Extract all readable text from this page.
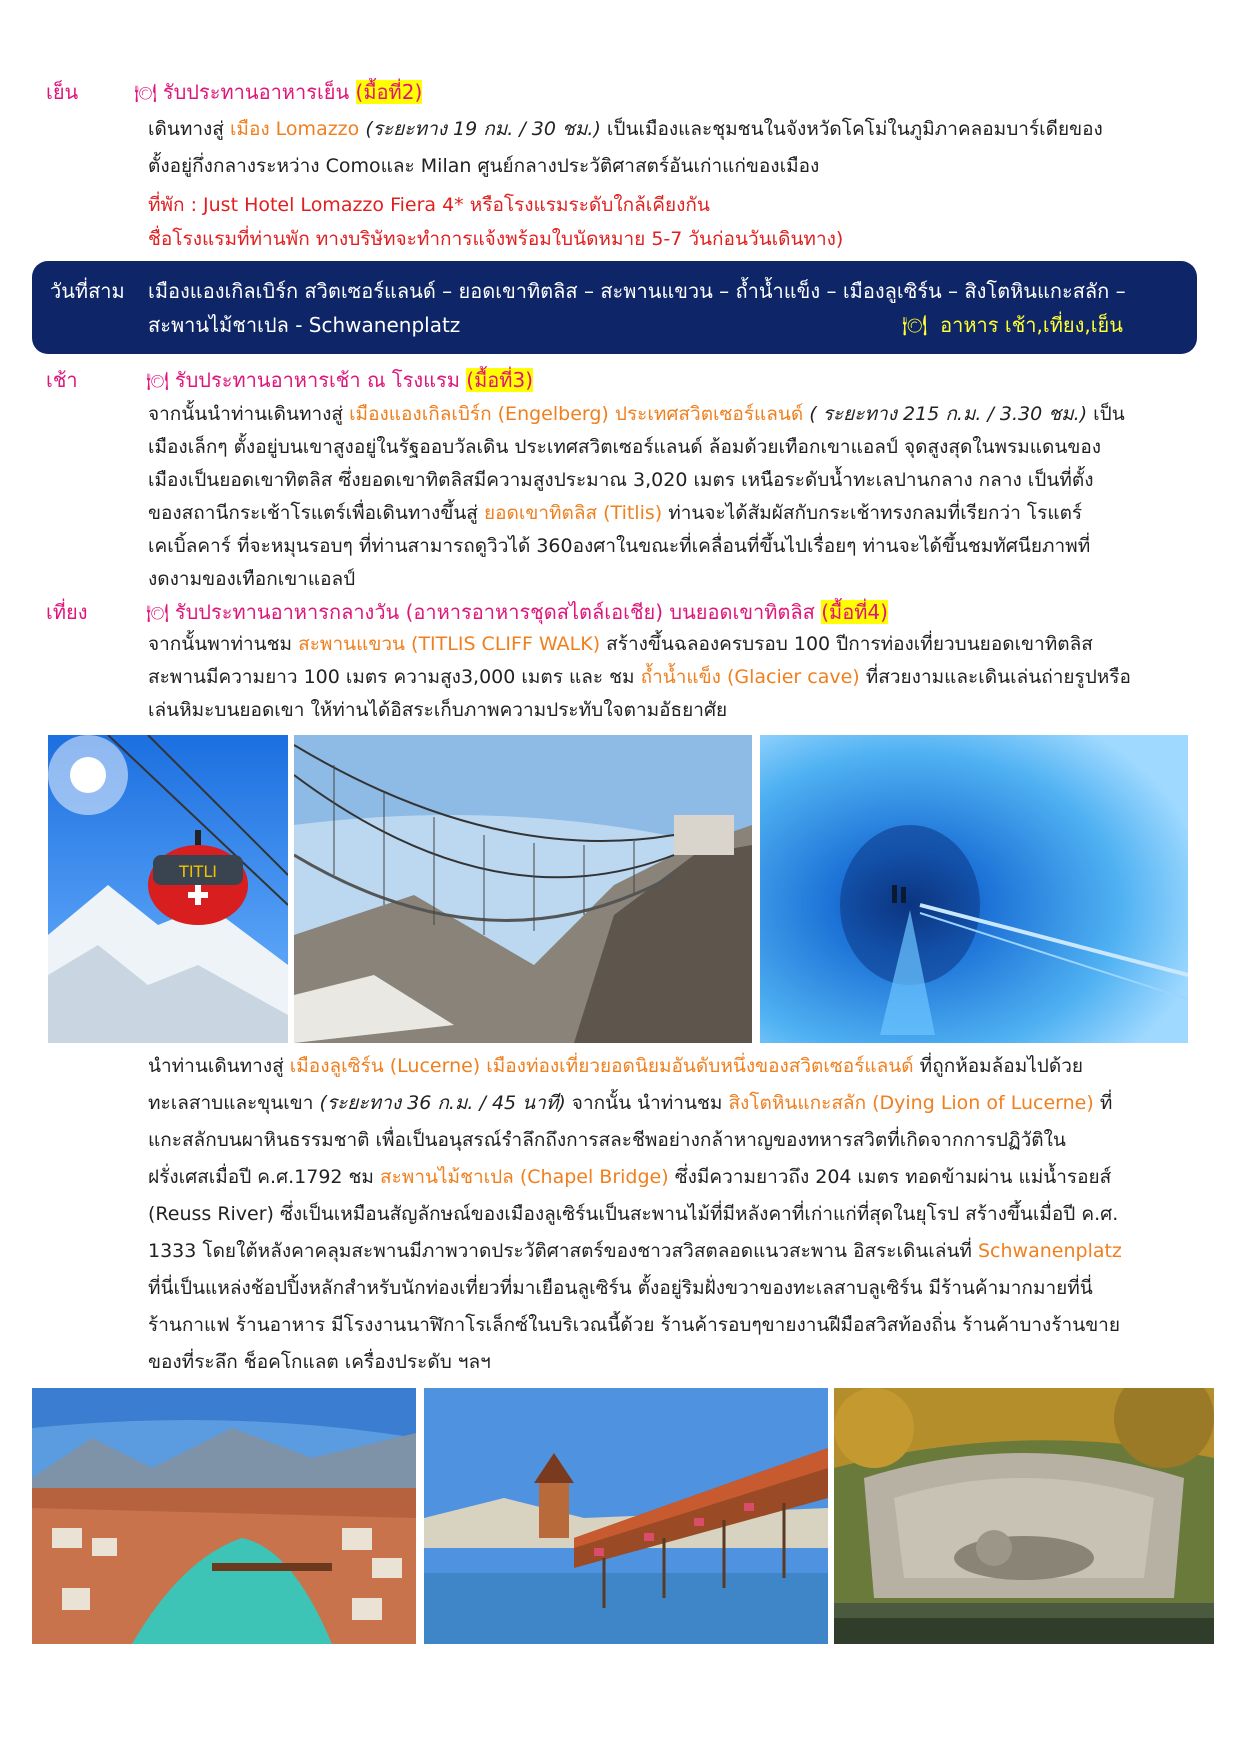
เย็น	🍽 รับประทานอาหารเย็น (มื้อที่2)
เดินทางสู่ เมือง Lomazzo (ระยะทาง 19 กม. / 30 ชม.) เป็นเมืองและชุมชนในจังหวัดโคโม่ในภูมิภาคลอมบาร์เดียของ
ตั้งอยู่กึ่งกลางระหว่าง Comoและ Milan ศูนย์กลางประวัติศาสตร์อันเก่าแก่ของเมือง
ที่พัก : Just Hotel Lomazzo Fiera 4* หรือโรงแรมระดับใกล้เคียงกัน
ชื่อโรงแรมที่ท่านพัก ทางบริษัทจะทำการแจ้งพร้อมใบนัดหมาย 5-7 วันก่อนวันเดินทาง)
วันที่สาม เมืองแองเกิลเบิร์ก สวิตเซอร์แลนด์ – ยอดเขาทิตลิส – สะพานแขวน – ถ้ำน้ำแข็ง – เมืองลูเซิร์น – สิงโตหินแกะสลัก –
สะพานไม้ชาเปล - Schwanenplatz	🍽 อาหาร เช้า,เที่ยง,เย็น
เช้า	🍽 รับประทานอาหารเช้า ณ โรงแรม (มื้อที่3)
จากนั้นนำท่านเดินทางสู่ เมืองแองเกิลเบิร์ก (Engelberg) ประเทศสวิตเซอร์แลนด์ ( ระยะทาง 215 ก.ม. / 3.30 ชม.) เป็น
เมืองเล็กๆ ตั้งอยู่บนเขาสูงอยู่ในรัฐออบวัลเดิน ประเทศสวิตเซอร์แลนด์ ล้อมด้วยเทือกเขาแอลป์ จุดสูงสุดในพรมแดนของ
เมืองเป็นยอดเขาทิตลิส ซึ่งยอดเขาทิตลิสมีความสูงประมาณ 3,020 เมตร เหนือระดับน้ำทะเลปานกลาง กลาง เป็นที่ตั้ง
ของสถานีกระเช้าโรแตร์เพื่อเดินทางขึ้นสู่ ยอดเขาทิตลิส (Titlis) ท่านจะได้สัมผัสกับกระเช้าทรงกลมที่เรียกว่า โรแตร์
เคเบิ้ลคาร์ ที่จะหมุนรอบๆ ที่ท่านสามารถดูวิวได้ 360องศาในขณะที่เคลื่อนที่ขึ้นไปเรื่อยๆ ท่านจะได้ขึ้นชมทัศนียภาพที่
งดงามของเทือกเขาแอลป์
เที่ยง	🍽 รับประทานอาหารกลางวัน (อาหารอาหารชุดสไตล์เอเชีย) บนยอดเขาทิตลิส (มื้อที่4)
จากนั้นพาท่านชม สะพานแขวน (TITLIS CLIFF WALK) สร้างขึ้นฉลองครบรอบ 100 ปีการท่องเที่ยวบนยอดเขาทิตลิส
สะพานมีความยาว 100 เมตร ความสูง3,000 เมตร และ ชม ถ้ำน้ำแข็ง (Glacier cave) ที่สวยงามและเดินเล่นถ่ายรูปหรือ
เล่นหิมะบนยอดเขา ให้ท่านได้อิสระเก็บภาพความประทับใจตามอัธยาศัย
TITLI
นำท่านเดินทางสู่ เมืองลูเซิร์น (Lucerne) เมืองท่องเที่ยวยอดนิยมอันดับหนึ่งของสวิตเซอร์แลนด์ ที่ถูกห้อมล้อมไปด้วย
ทะเลสาบและขุนเขา (ระยะทาง 36 ก.ม. / 45 นาที) จากนั้น นำท่านชม สิงโตหินแกะสลัก (Dying Lion of Lucerne) ที่
แกะสลักบนผาหินธรรมชาติ เพื่อเป็นอนุสรณ์รำลึกถึงการสละชีพอย่างกล้าหาญของทหารสวิตที่เกิดจากการปฏิวัติใน
ฝรั่งเศสเมื่อปี ค.ศ.1792 ชม สะพานไม้ชาเปล (Chapel Bridge) ซึ่งมีความยาวถึง 204 เมตร ทอดข้ามผ่าน แม่น้ำรอยส์
(Reuss River) ซึ่งเป็นเหมือนสัญลักษณ์ของเมืองลูเซิร์นเป็นสะพานไม้ที่มีหลังคาที่เก่าแก่ที่สุดในยุโรป สร้างขึ้นเมื่อปี ค.ศ.
1333 โดยใต้หลังคาคลุมสะพานมีภาพวาดประวัติศาสตร์ของชาวสวิสตลอดแนวสะพาน อิสระเดินเล่นที่ Schwanenplatz
ที่นี่เป็นแหล่งช้อปปิ้งหลักสำหรับนักท่องเที่ยวที่มาเยือนลูเซิร์น ตั้งอยู่ริมฝั่งขวาของทะเลสาบลูเซิร์น มีร้านค้ามากมายที่นี่
ร้านกาแฟ ร้านอาหาร มีโรงงานนาฬิกาโรเล็กซ์ในบริเวณนี้ด้วย ร้านค้ารอบๆขายงานฝีมือสวิสท้องถิ่น ร้านค้าบางร้านขาย
ของที่ระลึก ช็อคโกแลต เครื่องประดับ ฯลฯ
